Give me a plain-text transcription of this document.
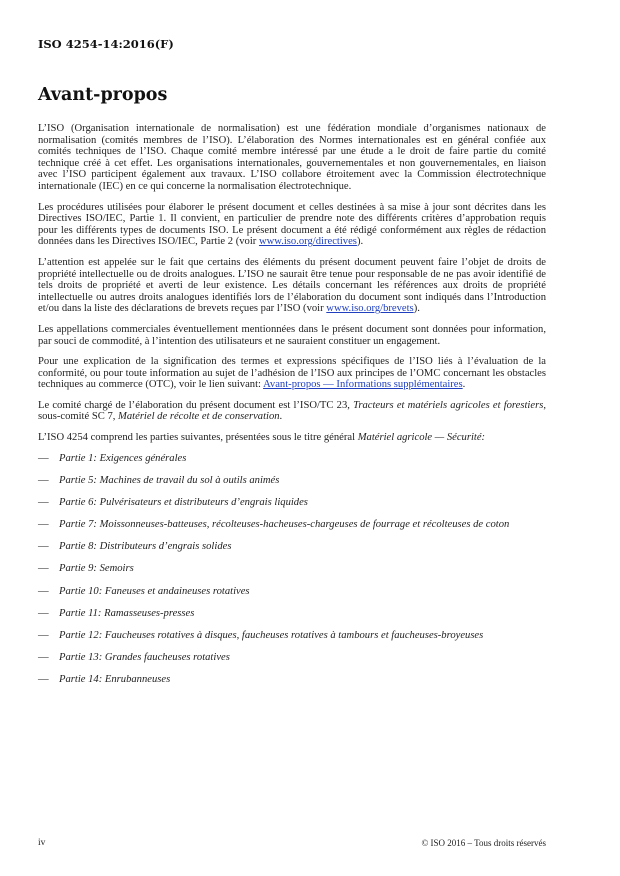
ISO 4254-14:2016(F)
Avant-propos

L’ISO (Organisation internationale de normalisation) est une fédération mondiale d’organismes nationaux de normalisation (comités membres de l’ISO). L’élaboration des Normes internationales est en général confiée aux comités techniques de l’ISO. Chaque comité membre intéressé par une étude a le droit de faire partie du comité technique créé à cet effet. Les organisations internationales, gouvernementales et non gouvernementales, en liaison avec l’ISO participent également aux travaux. L’ISO collabore étroitement avec la Commission électrotechnique internationale (IEC) en ce qui concerne la normalisation électrotechnique.

Les procédures utilisées pour élaborer le présent document et celles destinées à sa mise à jour sont décrites dans les Directives ISO/IEC, Partie 1. Il convient, en particulier de prendre note des différents critères d’approbation requis pour les différents types de documents ISO. Le présent document a été rédigé conformément aux règles de rédaction données dans les Directives ISO/IEC, Partie 2 (voir www.iso.org/directives).

L’attention est appelée sur le fait que certains des éléments du présent document peuvent faire l’objet de droits de propriété intellectuelle ou de droits analogues. L’ISO ne saurait être tenue pour responsable de ne pas avoir identifié de tels droits de propriété et averti de leur existence. Les détails concernant les références aux droits de propriété intellectuelle ou autres droits analogues identifiés lors de l’élaboration du document sont indiqués dans l’Introduction et/ou dans la liste des déclarations de brevets reçues par l’ISO (voir www.iso.org/brevets).

Les appellations commerciales éventuellement mentionnées dans le présent document sont données pour information, par souci de commodité, à l’intention des utilisateurs et ne sauraient constituer un engagement.

Pour une explication de la signification des termes et expressions spécifiques de l’ISO liés à l’évaluation de la conformité, ou pour toute information au sujet de l’adhésion de l’ISO aux principes de l’OMC concernant les obstacles techniques au commerce (OTC), voir le lien suivant: Avant-propos — Informations supplémentaires.

Le comité chargé de l’élaboration du présent document est l’ISO/TC 23, Tracteurs et matériels agricoles et forestiers, sous-comité SC 7, Matériel de récolte et de conservation.

L’ISO 4254 comprend les parties suivantes, présentées sous le titre général Matériel agricole — Sécurité:

— Partie 1: Exigences générales
— Partie 5: Machines de travail du sol à outils animés
— Partie 6: Pulvérisateurs et distributeurs d’engrais liquides
— Partie 7: Moissonneuses-batteuses, récolteuses-hacheuses-chargeuses de fourrage et récolteuses de coton
— Partie 8: Distributeurs d’engrais solides
— Partie 9: Semoirs
— Partie 10: Faneuses et andaineuses rotatives
— Partie 11: Ramasseuses-presses
— Partie 12: Faucheuses rotatives à disques, faucheuses rotatives à tambours et faucheuses-broyeuses
— Partie 13: Grandes faucheuses rotatives
— Partie 14: Enrubanneuses
iv	© ISO 2016 – Tous droits réservés
